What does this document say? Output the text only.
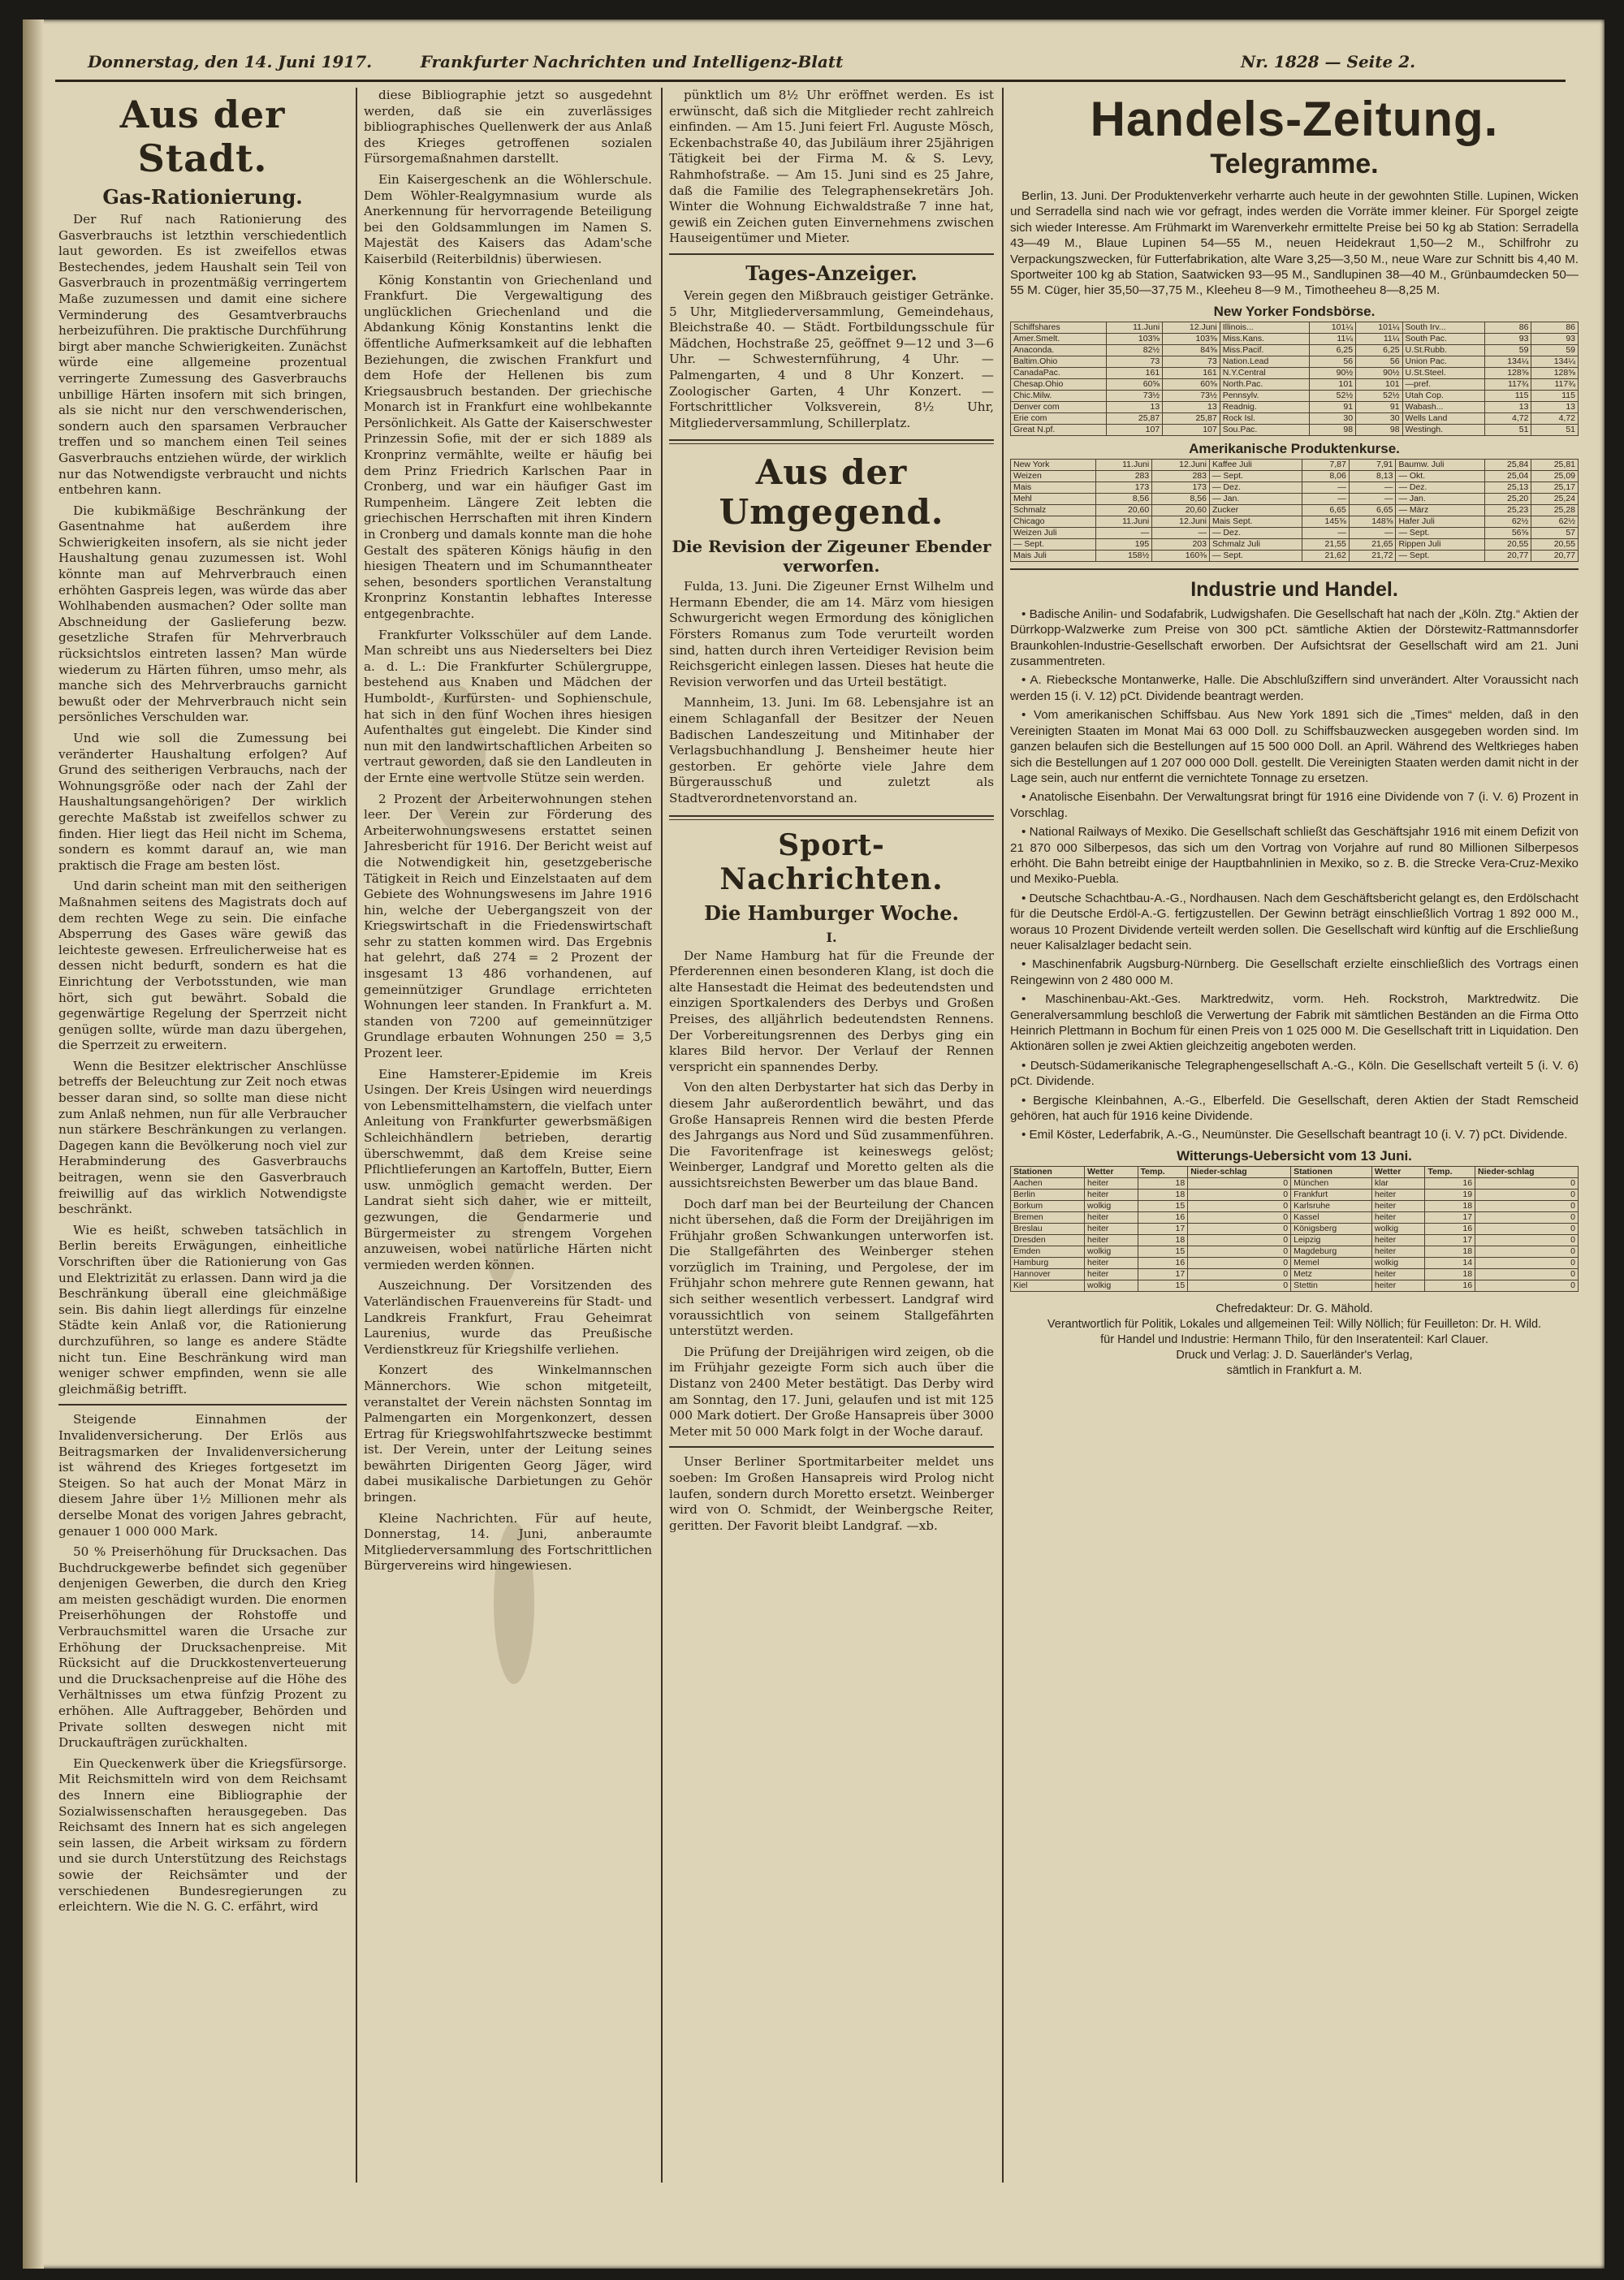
Donnerstag, den 14. Juni 1917.	Frankfurter Nachrichten und Intelligenz-Blatt	Nr. 1828 — Seite 2.
Aus der Stadt.
Gas-Rationierung.

Der Ruf nach Rationierung des Gasverbrauchs ist letzthin verschiedentlich laut geworden. Es ist zweifellos etwas Bestechendes, jedem Haushalt sein Teil von Gasverbrauch in prozentmäßig verringertem Maße zuzumessen und damit eine sichere Verminderung des Gesamtverbrauchs herbeizuführen. Die praktische Durchführung birgt aber manche Schwierigkeiten. Zunächst würde eine allgemeine prozentual verringerte Zumessung des Gasverbrauchs unbillige Härten insofern mit sich bringen, als sie nicht nur den verschwenderischen, sondern auch den sparsamen Verbraucher treffen und so manchem einen Teil seines Gasverbrauchs entziehen würde, der wirklich nur das Notwendigste verbraucht und nichts entbehren kann.

Die kubikmäßige Beschränkung der Gasentnahme hat außerdem ihre Schwierigkeiten insofern, als sie nicht jeder Haushaltung genau zuzumessen ist. Wohl könnte man auf Mehrverbrauch einen erhöhten Gaspreis legen, was würde das aber Wohlhabenden ausmachen? Oder sollte man Abschneidung der Gaslieferung bezw. gesetzliche Strafen für Mehrverbrauch rücksichtslos eintreten lassen? Man würde wiederum zu Härten führen, umso mehr, als manche sich des Mehrverbrauchs garnicht bewußt oder der Mehrverbrauch nicht sein persönliches Verschulden war.

Und wie soll die Zumessung bei veränderter Haushaltung erfolgen? Auf Grund des seitherigen Verbrauchs, nach der Wohnungsgröße oder nach der Zahl der Haushaltungsangehörigen? Der wirklich gerechte Maßstab ist zweifellos schwer zu finden. Hier liegt das Heil nicht im Schema, sondern es kommt darauf an, wie man praktisch die Frage am besten löst.

Und darin scheint man mit den seitherigen Maßnahmen seitens des Magistrats doch auf dem rechten Wege zu sein. Die einfache Absperrung des Gases wäre gewiß das leichteste gewesen. Erfreulicherweise hat es dessen nicht bedurft, sondern es hat die Einrichtung der Verbotsstunden, wie man hört, sich gut bewährt. Sobald die gegenwärtige Regelung der Sperrzeit nicht genügen sollte, würde man dazu übergehen, die Sperrzeit zu erweitern.

Wenn die Besitzer elektrischer Anschlüsse betreffs der Beleuchtung zur Zeit noch etwas besser daran sind, so sollte man diese nicht zum Anlaß nehmen, nun für alle Verbraucher nun stärkere Beschränkungen zu verlangen. Dagegen kann die Bevölkerung noch viel zur Herabminderung des Gasverbrauchs beitragen, wenn sie den Gasverbrauch freiwillig auf das wirklich Notwendigste beschränkt.

Wie es heißt, schweben tatsächlich in Berlin bereits Erwägungen, einheitliche Vorschriften über die Rationierung von Gas und Elektrizität zu erlassen. Dann wird ja die Beschränkung überall eine gleichmäßige sein. Bis dahin liegt allerdings für einzelne Städte kein Anlaß vor, die Rationierung durchzuführen, so lange es andere Städte nicht tun. Eine Beschränkung wird man weniger schwer empfinden, wenn sie alle gleichmäßig betrifft.

Steigende Einnahmen der Invalidenversicherung. Der Erlös aus Beitragsmarken der Invalidenversicherung ist während des Krieges fortgesetzt im Steigen. So hat auch der Monat März in diesem Jahre über 1½ Millionen mehr als derselbe Monat des vorigen Jahres gebracht, genauer 1 000 000 Mark.

50 % Preiserhöhung für Drucksachen. Das Buchdruckgewerbe befindet sich gegenüber denjenigen Gewerben, die durch den Krieg am meisten geschädigt wurden. Die enormen Preiserhöhungen der Rohstoffe und Verbrauchsmittel waren die Ursache zur Erhöhung der Drucksachenpreise. Mit Rücksicht auf die Druckkostenverteuerung und die Drucksachenpreise auf die Höhe des Verhältnisses um etwa fünfzig Prozent zu erhöhen. Alle Auftraggeber, Behörden und Private sollten deswegen nicht mit Druckaufträgen zurückhalten.

Ein Queckenwerk über die Kriegsfürsorge. Mit Reichsmitteln wird von dem Reichsamt des Innern eine Bibliographie der Sozialwissenschaften herausgegeben. Das Reichsamt des Innern hat es sich angelegen sein lassen, die Arbeit wirksam zu fördern und sie durch Unterstützung des Reichstags sowie der Reichsämter und der verschiedenen Bundesregierungen zu erleichtern. Wie die N. G. C. erfährt, wird

diese Bibliographie jetzt so ausgedehnt werden, daß sie ein zuverlässiges bibliographisches Quellenwerk der aus Anlaß des Krieges getroffenen sozialen Fürsorgemaßnahmen darstellt.

Ein Kaisergeschenk an die Wöhlerschule. Dem Wöhler-Realgymnasium wurde als Anerkennung für hervorragende Beteiligung bei den Goldsammlungen im Namen S. Majestät des Kaisers das Adam'sche Kaiserbild (Reiterbildnis) überwiesen.

König Konstantin von Griechenland und Frankfurt. Die Vergewaltigung des unglücklichen Griechenland und die Abdankung König Konstantins lenkt die öffentliche Aufmerksamkeit auf die lebhaften Beziehungen, die zwischen Frankfurt und dem Hofe der Hellenen bis zum Kriegsausbruch bestanden. Der griechische Monarch ist in Frankfurt eine wohlbekannte Persönlichkeit. Als Gatte der Kaiserschwester Prinzessin Sofie, mit der er sich 1889 als Kronprinz vermählte, weilte er häufig bei dem Prinz Friedrich Karlschen Paar in Cronberg, und war ein häufiger Gast im Rumpenheim. Längere Zeit lebten die griechischen Herrschaften mit ihren Kindern in Cronberg und damals konnte man die hohe Gestalt des späteren Königs häufig in den hiesigen Theatern und im Schumanntheater sehen, besonders sportlichen Veranstaltung Kronprinz Konstantin lebhaftes Interesse entgegenbrachte.

Frankfurter Volksschüler auf dem Lande. Man schreibt uns aus Niederselters bei Diez a. d. L.: Die Frankfurter Schülergruppe, bestehend aus Knaben und Mädchen der Humboldt-, Kurfürsten- und Sophienschule, hat sich in den fünf Wochen ihres hiesigen Aufenthaltes gut eingelebt. Die Kinder sind nun mit den landwirtschaftlichen Arbeiten so vertraut geworden, daß sie den Landleuten in der Ernte eine wertvolle Stütze sein werden.

2 Prozent der Arbeiterwohnungen stehen leer. Der Verein zur Förderung des Arbeiterwohnungswesens erstattet seinen Jahresbericht für 1916. Der Bericht weist auf die Notwendigkeit hin, gesetzgeberische Tätigkeit in Reich und Einzelstaaten auf dem Gebiete des Wohnungswesens im Jahre 1916 hin, welche der Uebergangszeit von der Kriegswirtschaft in die Friedenswirtschaft sehr zu statten kommen wird. Das Ergebnis hat gelehrt, daß 274 = 2 Prozent der insgesamt 13 486 vorhandenen, auf gemeinnütziger Grundlage errichteten Wohnungen leer standen. In Frankfurt a. M. standen von 7200 auf gemeinnütziger Grundlage erbauten Wohnungen 250 = 3,5 Prozent leer.

Eine Hamsterer-Epidemie im Kreis Usingen. Der Kreis Usingen wird neuerdings von Lebensmittelhamstern, die vielfach unter Anleitung von Frankfurter gewerbsmäßigen Schleichhändlern betrieben, derartig überschwemmt, daß dem Kreise seine Pflichtlieferungen an Kartoffeln, Butter, Eiern usw. unmöglich gemacht werden. Der Landrat sieht sich daher, wie er mitteilt, gezwungen, die Gendarmerie und Bürgermeister zu strengem Vorgehen anzuweisen, wobei natürliche Härten nicht vermieden werden können.

Auszeichnung. Der Vorsitzenden des Vaterländischen Frauenvereins für Stadt- und Landkreis Frankfurt, Frau Geheimrat Laurenius, wurde das Preußische Verdienstkreuz für Kriegshilfe verliehen.

Konzert des Winkelmannschen Männerchors. Wie schon mitgeteilt, veranstaltet der Verein nächsten Sonntag im Palmengarten ein Morgenkonzert, dessen Ertrag für Kriegswohlfahrtszwecke bestimmt ist. Der Verein, unter der Leitung seines bewährten Dirigenten Georg Jäger, wird dabei musikalische Darbietungen zu Gehör bringen.

Kleine Nachrichten. Für auf heute, Donnerstag, 14. Juni, anberaumte Mitgliederversammlung des Fortschrittlichen Bürgervereins wird hingewiesen.

pünktlich um 8½ Uhr eröffnet werden. Es ist erwünscht, daß sich die Mitglieder recht zahlreich einfinden. — Am 15. Juni feiert Frl. Auguste Mösch, Eckenbachstraße 40, das Jubiläum ihrer 25jährigen Tätigkeit bei der Firma M. & S. Levy, Rahmhofstraße. — Am 15. Juni sind es 25 Jahre, daß die Familie des Telegraphensekretärs Joh. Winter die Wohnung Eichwaldstraße 7 inne hat, gewiß ein Zeichen guten Einvernehmens zwischen Hauseigentümer und Mieter.

Tages-Anzeiger.

Verein gegen den Mißbrauch geistiger Getränke. 5 Uhr, Mitgliederversammlung, Gemeindehaus, Bleichstraße 40. — Städt. Fortbildungsschule für Mädchen, Hochstraße 25, geöffnet 9—12 und 3—6 Uhr. — Schwesternführung, 4 Uhr. — Palmengarten, 4 und 8 Uhr Konzert. — Zoologischer Garten, 4 Uhr Konzert. — Fortschrittlicher Volksverein, 8½ Uhr, Mitgliederversammlung, Schillerplatz.

Aus der Umgegend.
Die Revision der Zigeuner Ebender verworfen.

Fulda, 13. Juni. Die Zigeuner Ernst Wilhelm und Hermann Ebender, die am 14. März vom hiesigen Schwurgericht wegen Ermordung des königlichen Försters Romanus zum Tode verurteilt worden sind, hatten durch ihren Verteidiger Revision beim Reichsgericht einlegen lassen. Dieses hat heute die Revision verworfen und das Urteil bestätigt.

Mannheim, 13. Juni. Im 68. Lebensjahre ist an einem Schlaganfall der Besitzer der Neuen Badischen Landeszeitung und Mitinhaber der Verlagsbuchhandlung J. Bensheimer heute hier gestorben. Er gehörte viele Jahre dem Bürgerausschuß und zuletzt als Stadtverordnetenvorstand an.

Sport-Nachrichten.
Die Hamburger Woche.
I.

Der Name Hamburg hat für die Freunde der Pferderennen einen besonderen Klang, ist doch die alte Hansestadt die Heimat des bedeutendsten und einzigen Sportkalenders des Derbys und Großen Preises, des alljährlich bedeutendsten Rennens. Der Vorbereitungsrennen des Derbys ging ein klares Bild hervor. Der Verlauf der Rennen verspricht ein spannendes Derby.

Von den alten Derbystarter hat sich das Derby in diesem Jahr außerordentlich bewährt, und das Große Hansapreis Rennen wird die besten Pferde des Jahrgangs aus Nord und Süd zusammenführen. Die Favoritenfrage ist keineswegs gelöst; Weinberger, Landgraf und Moretto gelten als die aussichtsreichsten Bewerber um das blaue Band.

Doch darf man bei der Beurteilung der Chancen nicht übersehen, daß die Form der Dreijährigen im Frühjahr großen Schwankungen unterworfen ist. Die Stallgefährten des Weinberger stehen vorzüglich im Training, und Pergolese, der im Frühjahr schon mehrere gute Rennen gewann, hat sich seither wesentlich verbessert. Landgraf wird voraussichtlich von seinem Stallgefährten unterstützt werden.

Die Prüfung der Dreijährigen wird zeigen, ob die im Frühjahr gezeigte Form sich auch über die Distanz von 2400 Meter bestätigt. Das Derby wird am Sonntag, den 17. Juni, gelaufen und ist mit 125 000 Mark dotiert. Der Große Hansapreis über 3000 Meter mit 50 000 Mark folgt in der Woche darauf.

Unser Berliner Sportmitarbeiter meldet uns soeben: Im Großen Hansapreis wird Prolog nicht laufen, sondern durch Moretto ersetzt. Weinberger wird von O. Schmidt, der Weinbergsche Reiter, geritten. Der Favorit bleibt Landgraf. —xb.

Handels-Zeitung.
Telegramme.

Berlin, 13. Juni. Der Produktenverkehr verharrte auch heute in der gewohnten Stille. Lupinen, Wicken und Serradella sind nach wie vor gefragt, indes werden die Vorräte immer kleiner. Für Sporgel zeigte sich wieder Interesse. Am Frühmarkt im Warenverkehr ermittelte Preise bei 50 kg ab Station: Serradella 43—49 M., Blaue Lupinen 54—55 M., neuen Heidekraut 1,50—2 M., Schilfrohr zu Verpackungszwecken, für Futterfabrikation, alte Ware 3,25—3,50 M., neue Ware zur Schnitt bis 4,40 M. Sportweiter 100 kg ab Station, Saatwicken 93—95 M., Sandlupinen 38—40 M., Grünbaumdecken 50—55 M. Cüger, hier 35,50—37,75 M., Kleeheu 8—9 M., Timotheeheu 8—8,25 M.

New Yorker Fondsbörse.
Schiffshares	11.Juni	12.Juni	Illinois...	101¼	101¼	South Irv...	86	86
Amer.Smelt.	103⅝	103⅝	Miss.Kans.	11¼	11¼	South Pac.	93	93
Anaconda.	82½	84⅝	Miss.Pacif.	6,25	6,25	U.St.Rubb.	59	59
Baltim.Ohio	73	73	Nation.Lead	56	56	Union Pac.	134¼	134¼
CanadaPac.	161	161	N.Y.Central	90½	90½	U.St.Steel.	128⅝	128⅝
Chesap.Ohio	60⅝	60⅝	North.Pac.	101	101	—pref.	117¾	117¾
Chic.Milw.	73½	73½	Pennsylv.	52½	52½	Utah Cop.	115	115
Denver com	13	13	Readnig.	91	91	Wabash...	13	13
Erie com	25,87	25,87	Rock Isl.	30	30	Wells Land	4,72	4,72
Great N.pf.	107	107	Sou.Pac.	98	98	Westingh.	51	51
Amerikanische Produktenkurse.
New York	11.Juni	12.Juni	Kaffee Juli	7,87	7,91	Baumw. Juli	25,84	25,81
Weizen	283	283	— Sept.	8,06	8,13	— Okt.	25,04	25,09
Mais	173	173	— Dez.	—	—	— Dez.	25,13	25,17
Mehl	8,56	8,56	— Jan.	—	—	— Jan.	25,20	25,24
Schmalz	20,60	20,60	Zucker	6,65	6,65	— März	25,23	25,28
Chicago	11.Juni	12.Juni	Mais Sept.	145⅝	148⅝	Hafer Juli	62½	62½
Weizen Juli	—	—	— Dez.	—	—	— Sept.	56⅝	57
— Sept.	195	203	Schmalz Juli	21,55	21,65	Rippen Juli	20,55	20,55
Mais Juli	158½	160⅜	— Sept.	21,62	21,72	— Sept.	20,77	20,77
Industrie und Handel.

• Badische Anilin- und Sodafabrik, Ludwigshafen. Die Gesellschaft hat nach der „Köln. Ztg.“ Aktien der Dürrkopp-Walzwerke zum Preise von 300 pCt. sämtliche Aktien der Dörstewitz-Rattmannsdorfer Braunkohlen-Industrie-Gesellschaft erworben. Der Aufsichtsrat der Gesellschaft wird am 21. Juni zusammentreten.

• A. Riebecksche Montanwerke, Halle. Die Abschlußziffern sind unverändert. Alter Voraussicht nach werden 15 (i. V. 12) pCt. Dividende beantragt werden.

• Vom amerikanischen Schiffsbau. Aus New York 1891 sich die „Times“ melden, daß in den Vereinigten Staaten im Monat Mai 63 000 Doll. zu Schiffsbauzwecken ausgegeben worden sind. Im ganzen belaufen sich die Bestellungen auf 15 500 000 Doll. an April. Während des Weltkrieges haben sich die Bestellungen auf 1 207 000 000 Doll. gestellt. Die Vereinigten Staaten werden damit nicht in der Lage sein, auch nur entfernt die vernichtete Tonnage zu ersetzen.

• Anatolische Eisenbahn. Der Verwaltungsrat bringt für 1916 eine Dividende von 7 (i. V. 6) Prozent in Vorschlag.

• National Railways of Mexiko. Die Gesellschaft schließt das Geschäftsjahr 1916 mit einem Defizit von 21 870 000 Silberpesos, das sich um den Vortrag von Vorjahre auf rund 80 Millionen Silberpesos erhöht. Die Bahn betreibt einige der Hauptbahnlinien in Mexiko, so z. B. die Strecke Vera-Cruz-Mexiko und Mexiko-Puebla.

• Deutsche Schachtbau-A.-G., Nordhausen. Nach dem Geschäftsbericht gelangt es, den Erdölschacht für die Deutsche Erdöl-A.-G. fertigzustellen. Der Gewinn beträgt einschließlich Vortrag 1 892 000 M., woraus 10 Prozent Dividende verteilt werden sollen. Die Gesellschaft wird künftig auf die Erschließung neuer Kalisalzlager bedacht sein.

• Maschinenfabrik Augsburg-Nürnberg. Die Gesellschaft erzielte einschließlich des Vortrags einen Reingewinn von 2 480 000 M.

• Maschinenbau-Akt.-Ges. Marktredwitz, vorm. Heh. Rockstroh, Marktredwitz. Die Generalversammlung beschloß die Verwertung der Fabrik mit sämtlichen Beständen an die Firma Otto Heinrich Plettmann in Bochum für einen Preis von 1 025 000 M. Die Gesellschaft tritt in Liquidation. Den Aktionären sollen je zwei Aktien gleichzeitig angeboten werden.

• Deutsch-Südamerikanische Telegraphengesellschaft A.-G., Köln. Die Gesellschaft verteilt 5 (i. V. 6) pCt. Dividende.

• Bergische Kleinbahnen, A.-G., Elberfeld. Die Gesellschaft, deren Aktien der Stadt Remscheid gehören, hat auch für 1916 keine Dividende.

• Emil Köster, Lederfabrik, A.-G., Neumünster. Die Gesellschaft beantragt 10 (i. V. 7) pCt. Dividende.

Witterungs-Uebersicht vom 13 Juni.
Stationen	Wetter	Temp.	Nieder-schlag	Stationen	Wetter	Temp.	Nieder-schlag
Aachen	heiter	18	0	München	klar	16	0
Berlin	heiter	18	0	Frankfurt	heiter	19	0
Borkum	wolkig	15	0	Karlsruhe	heiter	18	0
Bremen	heiter	16	0	Kassel	heiter	17	0
Breslau	heiter	17	0	Königsberg	wolkig	16	0
Dresden	heiter	18	0	Leipzig	heiter	17	0
Emden	wolkig	15	0	Magdeburg	heiter	18	0
Hamburg	heiter	16	0	Memel	wolkig	14	0
Hannover	heiter	17	0	Metz	heiter	18	0
Kiel	wolkig	15	0	Stettin	heiter	16	0
Chefredakteur: Dr. G. Mähold.
Verantwortlich für Politik, Lokales und allgemeinen Teil: Willy Nöllich; für Feuilleton: Dr. H. Wild.
für Handel und Industrie: Hermann Thilo, für den Inseratenteil: Karl Clauer.
Druck und Verlag: J. D. Sauerländer's Verlag,
sämtlich in Frankfurt a. M.
